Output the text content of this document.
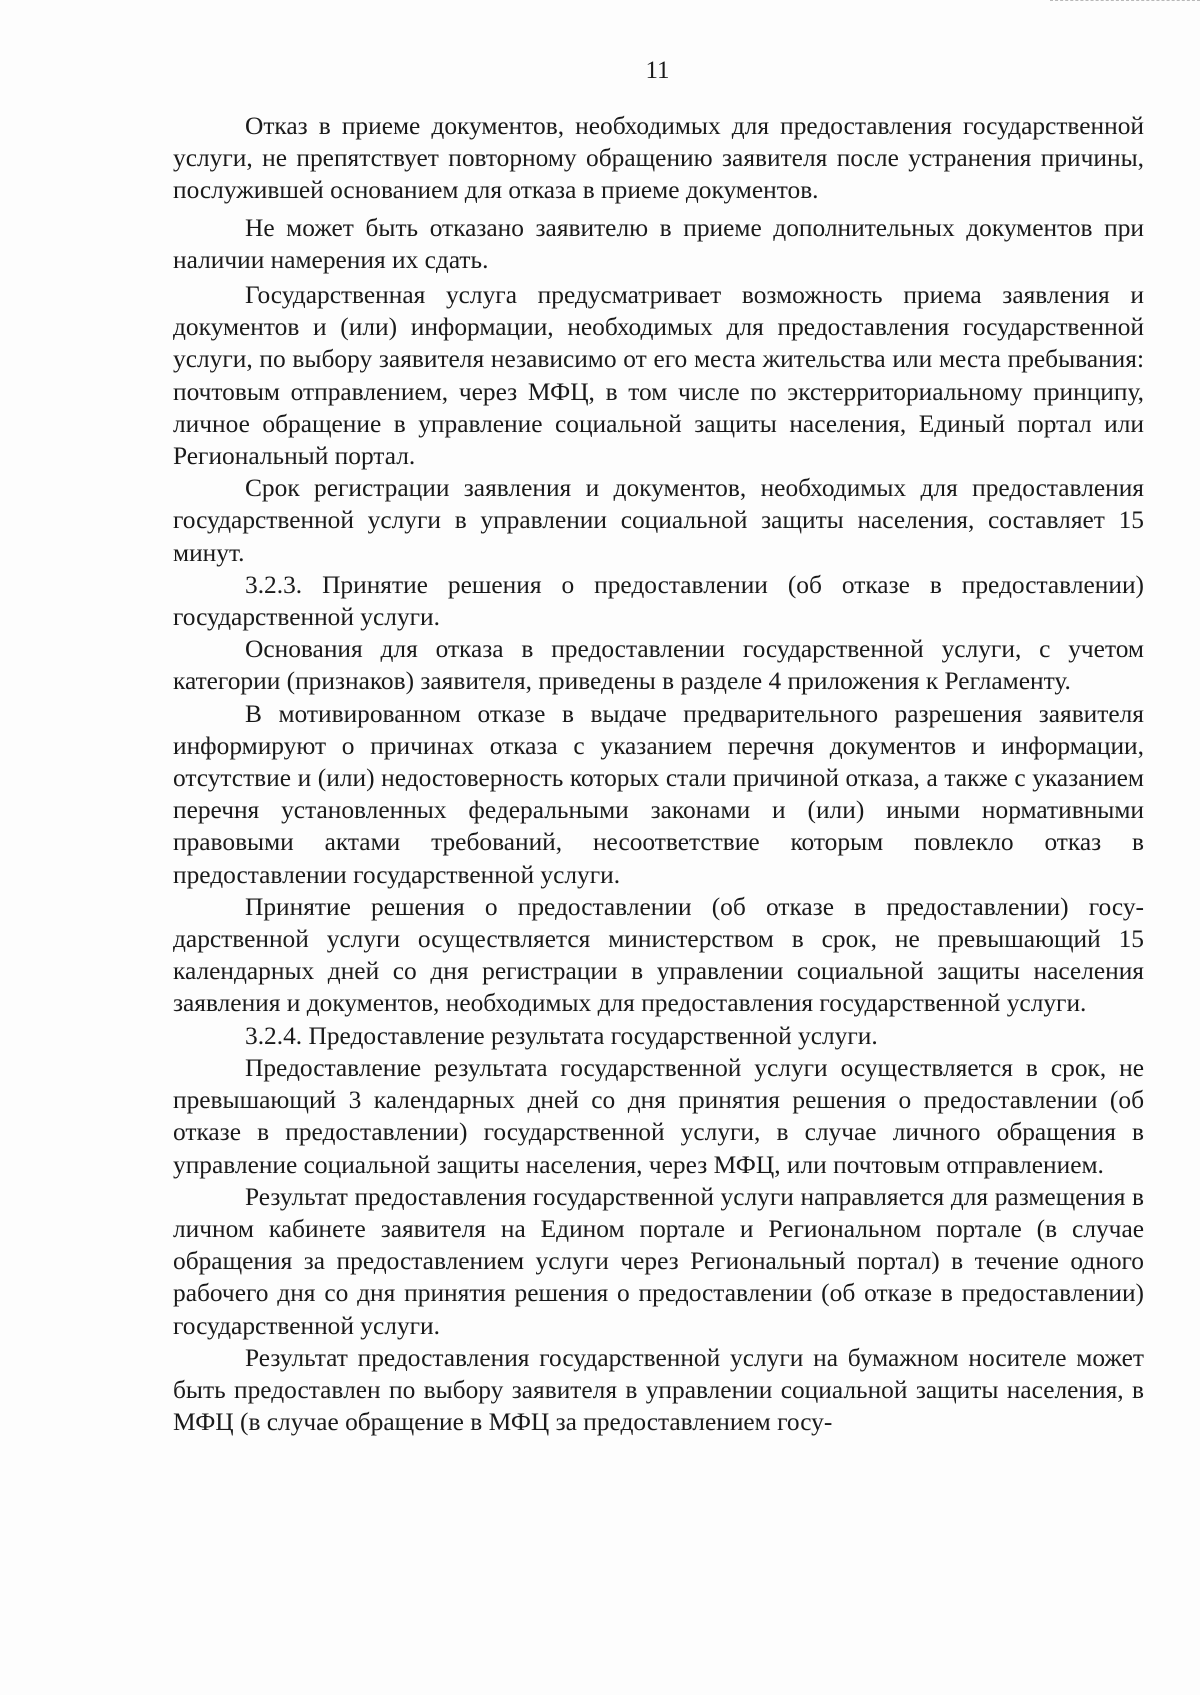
11

Отказ в приеме документов, необходимых для предоставления государственной услуги, не препятствует повторному обращению заявителя после устранения причины, послужившей основанием для отказа в приеме документов.

Не может быть отказано заявителю в приеме дополнительных документов при наличии намерения их сдать.

Государственная услуга предусматривает возможность приема заявления и документов и (или) информации, необходимых для предоставления государственной услуги, по выбору заявителя независимо от его места жительства или места пребывания: почтовым отправлением, через МФЦ, в том числе по экстерриториальному принципу, личное обращение в управление социальной защиты населения, Единый портал или Региональный портал.

Срок регистрации заявления и документов, необходимых для предоставления государственной услуги в управлении социальной защиты населения, составляет 15 минут.

3.2.3. Принятие решения о предоставлении (об отказе в предоставлении) государственной услуги.

Основания для отказа в предоставлении государственной услуги, с учетом категории (признаков) заявителя, приведены в разделе 4 приложения к Регламенту.

В мотивированном отказе в выдаче предварительного разрешения заявителя информируют о причинах отказа с указанием перечня документов и информации, отсутствие и (или) недостоверность которых стали причиной отказа, а также с указанием перечня установленных федеральными законами и (или) иными нормативными правовыми актами требований, несоответствие которым повлекло отказ в предоставлении государственной услуги.

Принятие решения о предоставлении (об отказе в предоставлении) государственной услуги осуществляется министерством в срок, не превышающий 15 календарных дней со дня регистрации в управлении социальной защиты населения заявления и документов, необходимых для предоставления государственной услуги.

3.2.4. Предоставление результата государственной услуги.

Предоставление результата государственной услуги осуществляется в срок, не превышающий 3 календарных дней со дня принятия решения о предоставлении (об отказе в предоставлении) государственной услуги, в случае личного обращения в управление социальной защиты населения, через МФЦ, или почтовым отправлением.

Результат предоставления государственной услуги направляется для размещения в личном кабинете заявителя на Едином портале и Региональном портале (в случае обращения за предоставлением услуги через Региональный портал) в течение одного рабочего дня со дня принятия решения о предоставлении (об отказе в предоставлении) государственной услуги.

Результат предоставления государственной услуги на бумажном носителе может быть предоставлен по выбору заявителя в управлении социальной защиты населения, в МФЦ (в случае обращение в МФЦ за предоставлением госу-
